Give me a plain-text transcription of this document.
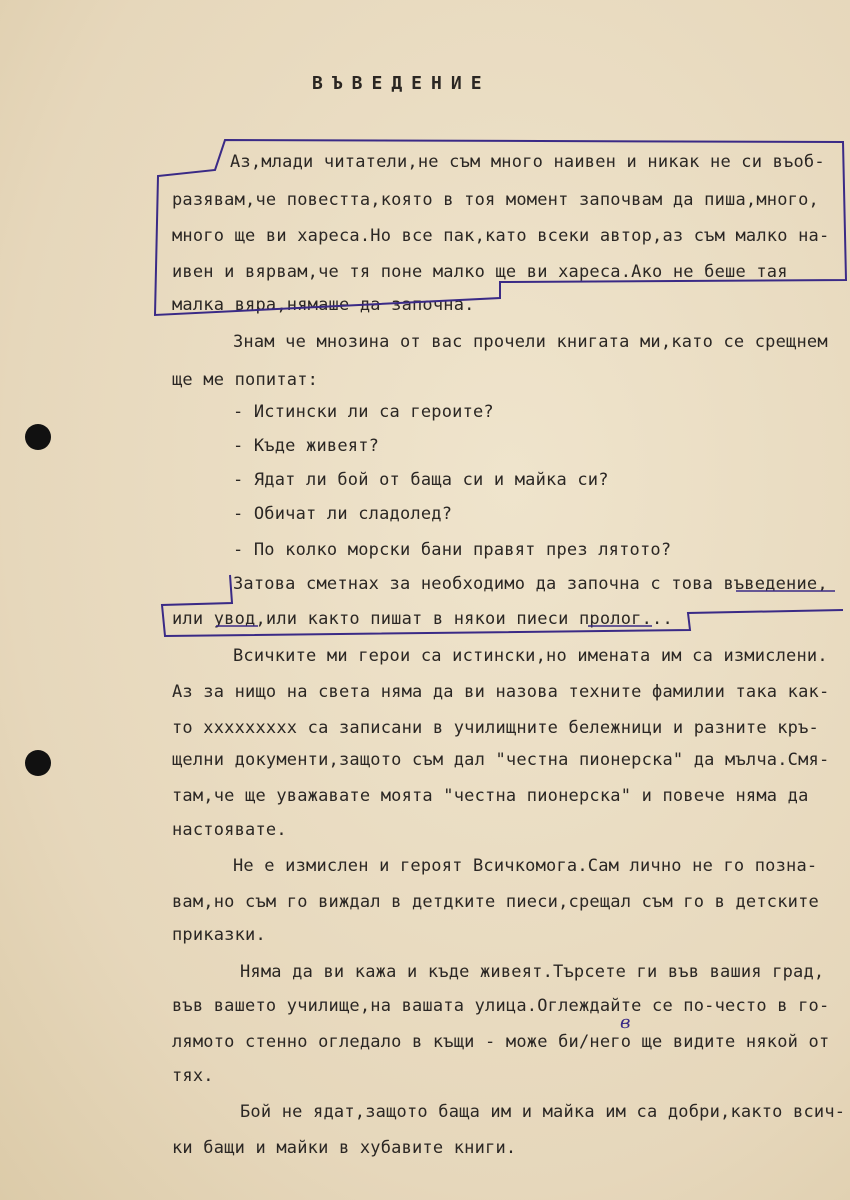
ВЪВЕДЕНИЕ
Аз,млади читатели,не съм много наивен и никак не си въоб-
разявам,че повестта,която в тоя момент започвам да пиша,много,
много ще ви хареса.Но все пак,като всеки автор,аз съм малко на-
ивен и вярвам,че тя поне малко ще ви хареса.Ако не беше тая
малка вяра,нямаше да започна.
Знам че мнозина от вас прочели книгата ми,като се срещнем
ще ме попитат:
- Истински ли са героите?
- Къде живеят?
- Ядат ли бой от баща си и майка си?
- Обичат ли сладолед?
- По колко морски бани правят през лятото?
Затова сметнах за необходимо да започна с това въведение,
или увод,или както пишат в някои пиеси пролог...
Всичките ми герои са истински,но имената им са измислени.
Аз за нищо на света няма да ви назова техните фамилии така как-
то xxxxxxxxx са записани в училищните бележници и разните кръ-
щелни документи,защото съм дал "честна пионерска" да мълча.Смя-
там,че ще уважавате моята "честна пионерска" и повече няма да
настоявате.
Не е измислен и героят Всичкомога.Сам лично не го позна-
вам,но съм го виждал в детдките пиеси,срещал съм го в детските
приказки.
Няма да ви кажа и къде живеят.Търсете ги във вашия град,
във вашето училище,на вашата улица.Оглеждайте се по-често в го-
лямото стенно огледало в къщи - може би/него ще видите някой от
тях.
Бой не ядат,защото баща им и майка им са добри,както всич-
ки бащи и майки в хубавите книги.
в
